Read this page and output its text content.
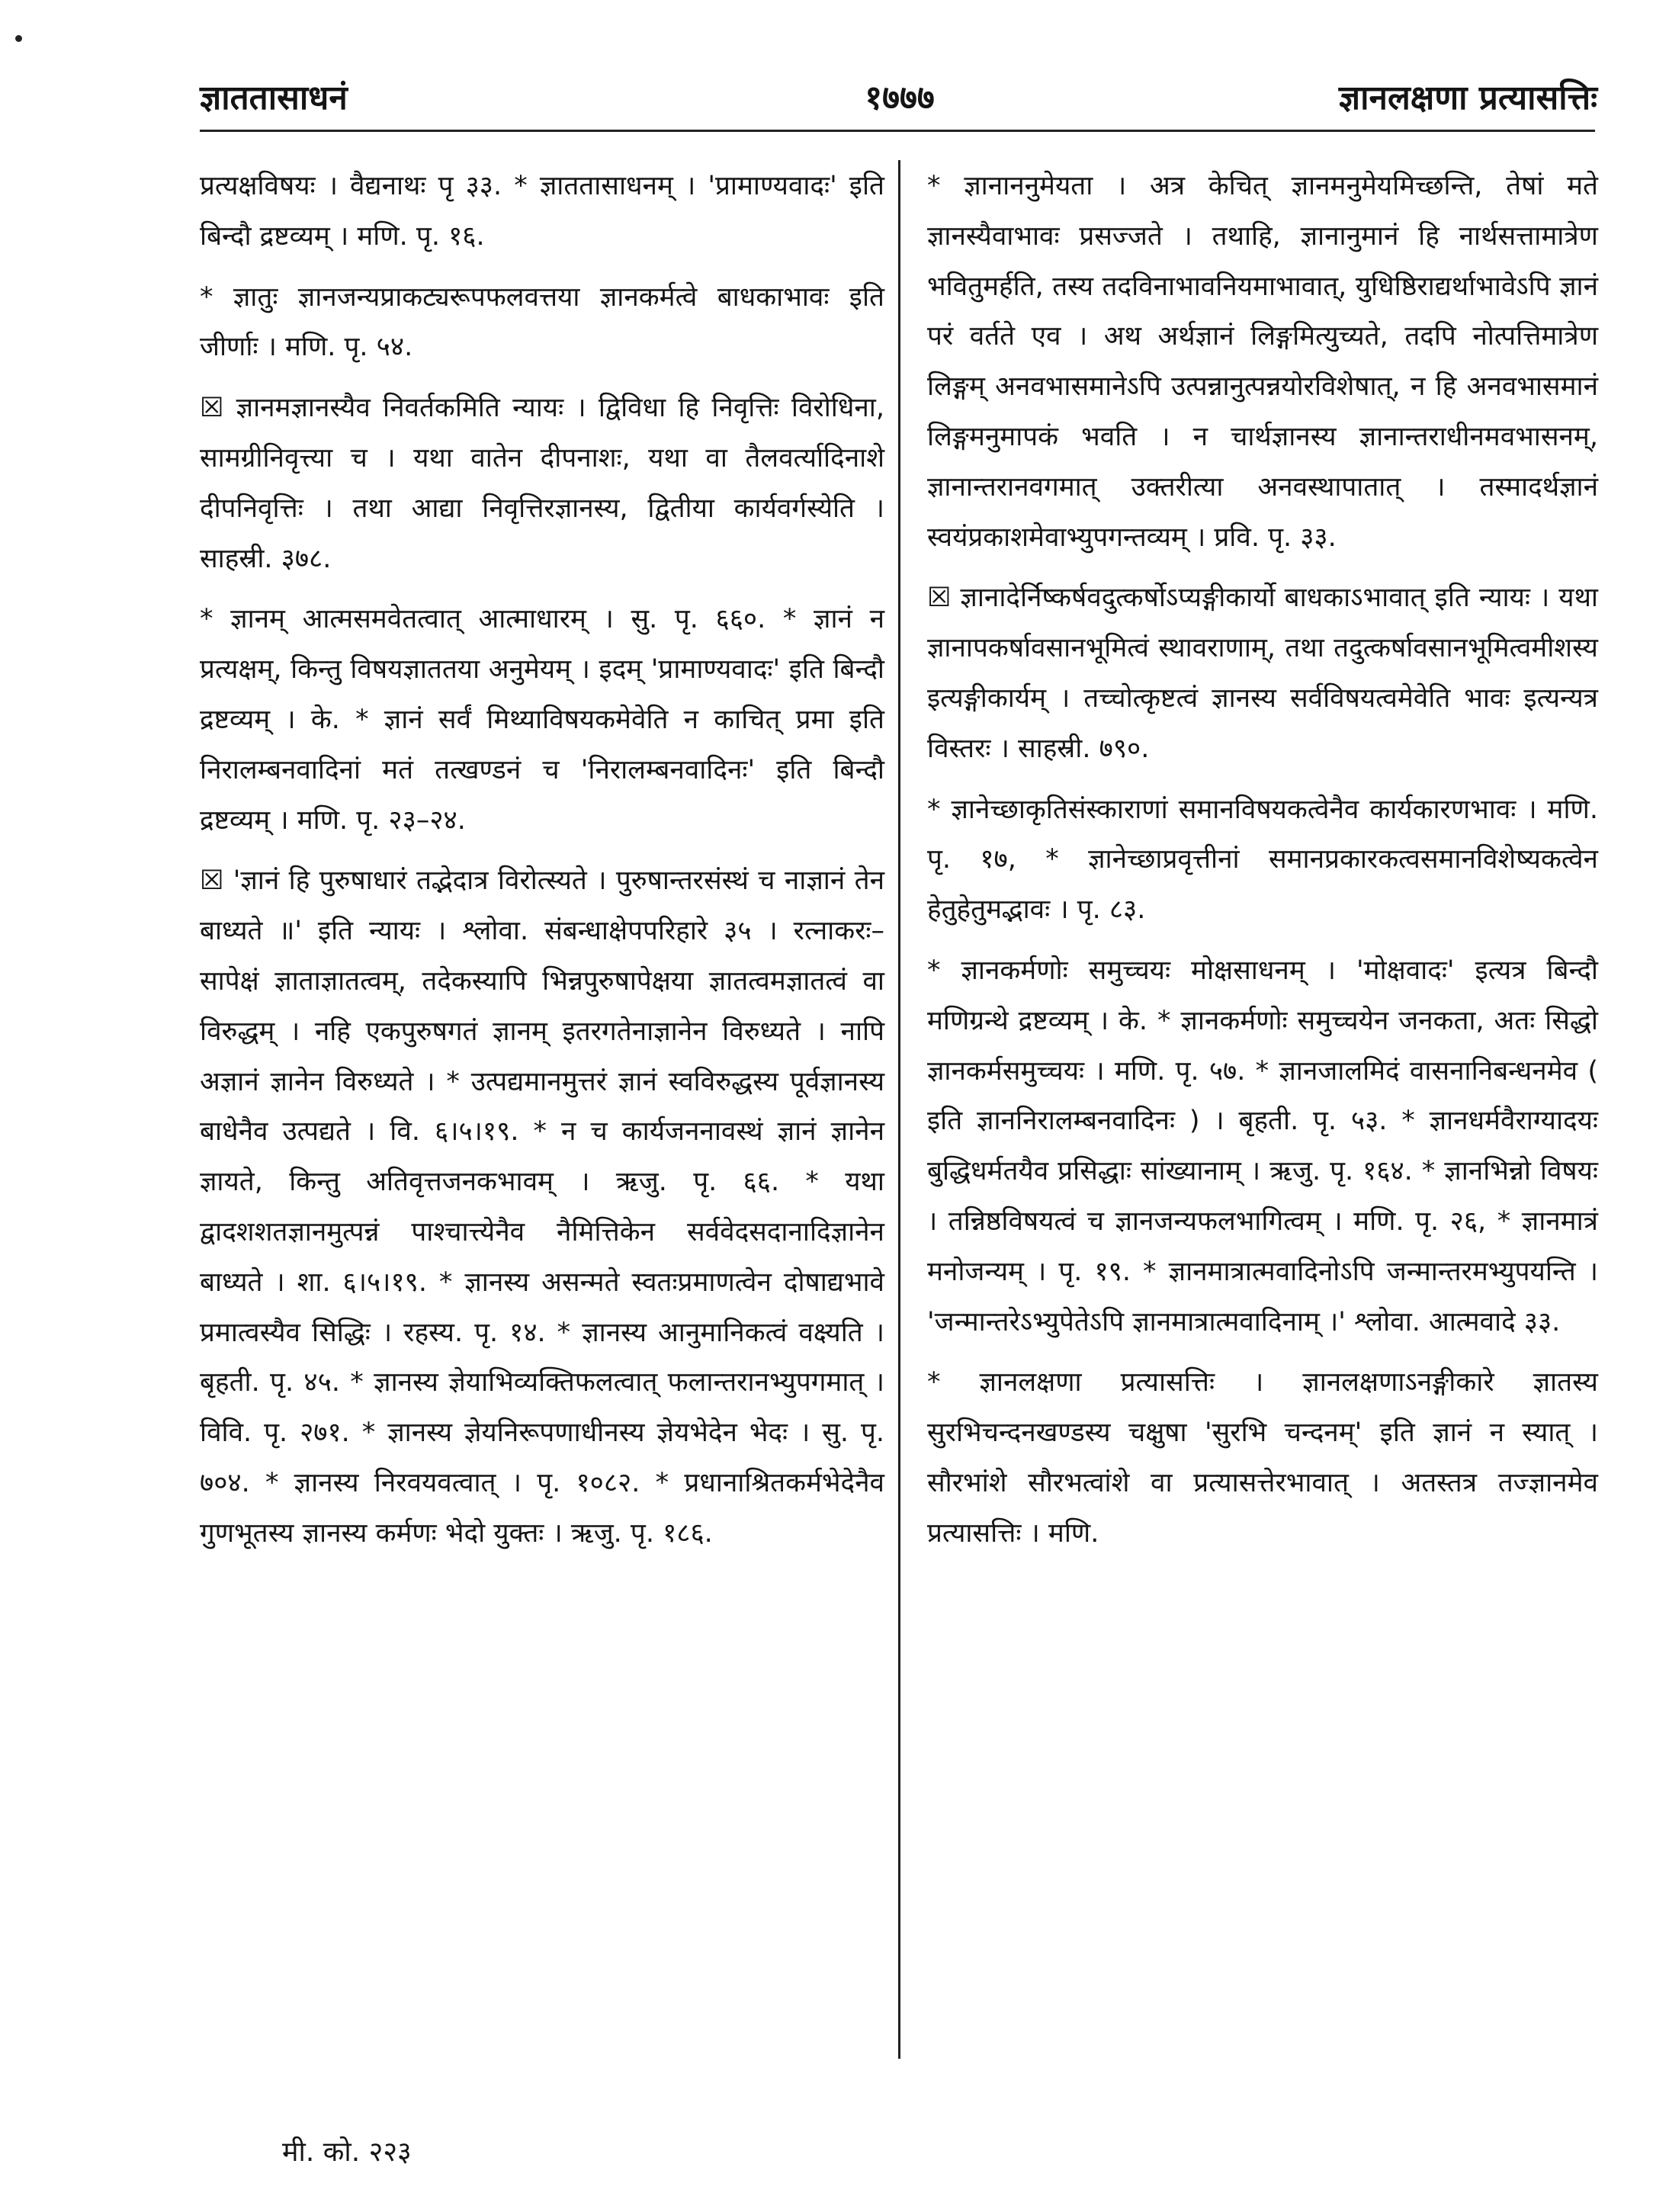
ज्ञाततासाधनं	१७७७	ज्ञानलक्षणा प्रत्यासत्तिः

प्रत्यक्षविषयः । वैद्यनाथः पृ ३३. * ज्ञाततासाधनम् । 'प्रामाण्यवादः' इति बिन्दौ द्रष्टव्यम् । मणि. पृ. १६.

* ज्ञातुः ज्ञानजन्यप्राकट्यरूपफलवत्तया ज्ञानकर्मत्वे बाधकाभावः इति जीर्णाः । मणि. पृ. ५४.

☒ ज्ञानमज्ञानस्यैव निवर्तकमिति न्यायः । द्विविधा हि निवृत्तिः विरोधिना, सामग्रीनिवृत्त्या च । यथा वातेन दीपनाशः, यथा वा तैलवर्त्यादिनाशे दीपनिवृत्तिः । तथा आद्या निवृत्तिरज्ञानस्य, द्वितीया कार्यवर्गस्येति । साहस्री. ३७८.

* ज्ञानम् आत्मसमवेतत्वात् आत्माधारम् । सु. पृ. ६६०. * ज्ञानं न प्रत्यक्षम्, किन्तु विषयज्ञाततया अनुमेयम् । इदम् 'प्रामाण्यवादः' इति बिन्दौ द्रष्टव्यम् । के. * ज्ञानं सर्वं मिथ्याविषयकमेवेति न काचित् प्रमा इति निरालम्बनवादिनां मतं तत्खण्डनं च 'निरालम्बनवादिनः' इति बिन्दौ द्रष्टव्यम् । मणि. पृ. २३–२४.

☒ 'ज्ञानं हि पुरुषाधारं तद्भेदात्र विरोत्स्यते । पुरुषान्तरसंस्थं च नाज्ञानं तेन बाध्यते ॥' इति न्यायः । श्लोवा. संबन्धाक्षेपपरिहारे ३५ । रत्नाकरः– सापेक्षं ज्ञाताज्ञातत्वम्, तदेकस्यापि भिन्नपुरुषापेक्षया ज्ञातत्वमज्ञातत्वं वा विरुद्धम् । नहि एकपुरुषगतं ज्ञानम् इतरगतेनाज्ञानेन विरुध्यते । नापि अज्ञानं ज्ञानेन विरुध्यते । * उत्पद्यमानमुत्तरं ज्ञानं स्वविरुद्धस्य पूर्वज्ञानस्य बाधेनैव उत्पद्यते । वि. ६।५।१९. * न च कार्यजननावस्थं ज्ञानं ज्ञानेन ज्ञायते, किन्तु अतिवृत्तजनकभावम् । ऋजु. पृ. ६६. * यथा द्वादशशतज्ञानमुत्पन्नं पाश्चात्त्येनैव नैमित्तिकेन सर्ववेदसदानादिज्ञानेन बाध्यते । शा. ६।५।१९. * ज्ञानस्य असन्मते स्वतःप्रमाणत्वेन दोषाद्यभावे प्रमात्वस्यैव सिद्धिः । रहस्य. पृ. १४. * ज्ञानस्य आनुमानिकत्वं वक्ष्यति । बृहती. पृ. ४५. * ज्ञानस्य ज्ञेयाभिव्यक्तिफलत्वात् फलान्तरानभ्युपगमात् । विवि. पृ. २७१. * ज्ञानस्य ज्ञेयनिरूपणाधीनस्य ज्ञेयभेदेन भेदः । सु. पृ. ७०४. * ज्ञानस्य निरवयवत्वात् । पृ. १०८२. * प्रधानाश्रितकर्मभेदेनैव गुणभूतस्य ज्ञानस्य कर्मणः भेदो युक्तः । ऋजु. पृ. १८६.

* ज्ञानाननुमेयता । अत्र केचित् ज्ञानमनुमेयमिच्छन्ति, तेषां मते ज्ञानस्यैवाभावः प्रसज्जते । तथाहि, ज्ञानानुमानं हि नार्थसत्तामात्रेण भवितुमर्हति, तस्य तदविनाभावनियमाभावात्, युधिष्ठिराद्यर्थाभावेऽपि ज्ञानं परं वर्तते एव । अथ अर्थज्ञानं लिङ्गमित्युच्यते, तदपि नोत्पत्तिमात्रेण लिङ्गम् अनवभासमानेऽपि उत्पन्नानुत्पन्नयोरविशेषात्, न हि अनवभासमानं लिङ्गमनुमापकं भवति । न चार्थज्ञानस्य ज्ञानान्तराधीनमवभासनम्, ज्ञानान्तरानवगमात् उक्तरीत्या अनवस्थापातात् । तस्मादर्थज्ञानं स्वयंप्रकाशमेवाभ्युपगन्तव्यम् । प्रवि. पृ. ३३.

☒ ज्ञानादेर्निष्कर्षवदुत्कर्षोऽप्यङ्गीकार्यो बाधकाऽभावात् इति न्यायः । यथा ज्ञानापकर्षावसानभूमित्वं स्थावराणाम्, तथा तदुत्कर्षावसानभूमित्वमीशस्य इत्यङ्गीकार्यम् । तच्चोत्कृष्टत्वं ज्ञानस्य सर्वविषयत्वमेवेति भावः इत्यन्यत्र विस्तरः । साहस्री. ७९०.

* ज्ञानेच्छाकृतिसंस्काराणां समानविषयकत्वेनैव कार्यकारणभावः । मणि. पृ. १७, * ज्ञानेच्छाप्रवृत्तीनां समानप्रकारकत्वसमानविशेष्यकत्वेन हेतुहेतुमद्भावः । पृ. ८३.

* ज्ञानकर्मणोः समुच्चयः मोक्षसाधनम् । 'मोक्षवादः' इत्यत्र बिन्दौ मणिग्रन्थे द्रष्टव्यम् । के. * ज्ञानकर्मणोः समुच्चयेन जनकता, अतः सिद्धो ज्ञानकर्मसमुच्चयः । मणि. पृ. ५७. * ज्ञानजालमिदं वासनानिबन्धनमेव ( इति ज्ञाननिरालम्बनवादिनः ) । बृहती. पृ. ५३. * ज्ञानधर्मवैराग्यादयः बुद्धिधर्मतयैव प्रसिद्धाः सांख्यानाम् । ऋजु. पृ. १६४. * ज्ञानभिन्नो विषयः । तन्निष्ठविषयत्वं च ज्ञानजन्यफलभागित्वम् । मणि. पृ. २६, * ज्ञानमात्रं मनोजन्यम् । पृ. १९. * ज्ञानमात्रात्मवादिनोऽपि जन्मान्तरमभ्युपयन्ति । 'जन्मान्तरेऽभ्युपेतेऽपि ज्ञानमात्रात्मवादिनाम् ।' श्लोवा. आत्मवादे ३३.

* ज्ञानलक्षणा प्रत्यासत्तिः । ज्ञानलक्षणाऽनङ्गीकारे ज्ञातस्य सुरभिचन्दनखण्डस्य चक्षुषा 'सुरभि चन्दनम्' इति ज्ञानं न स्यात् । सौरभांशे सौरभत्वांशे वा प्रत्यासत्तेरभावात् । अतस्तत्र तज्ज्ञानमेव प्रत्यासत्तिः । मणि.

मी. को. २२३
